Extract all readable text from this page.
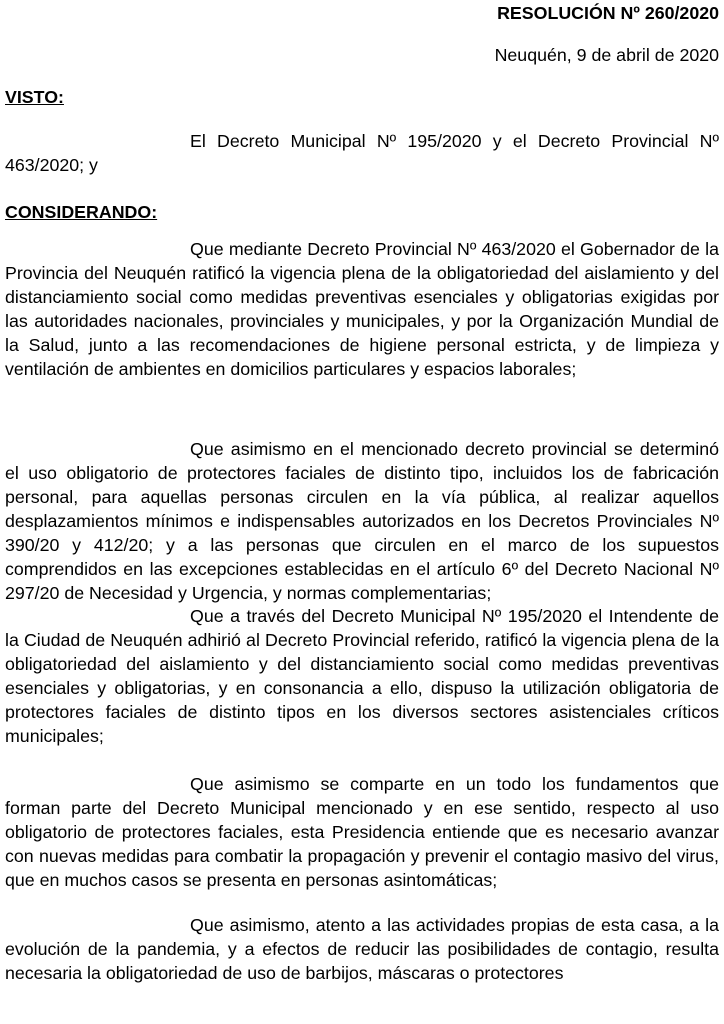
RESOLUCIÓN Nº 260/2020
Neuquén, 9 de abril de 2020
VISTO:

El Decreto Municipal Nº 195/2020 y el Decreto Provincial Nº 463/2020; y

CONSIDERANDO:

Que mediante Decreto Provincial Nº 463/2020 el Gobernador de la Provincia del Neuquén ratificó la vigencia plena de la obligatoriedad del aislamiento y del distanciamiento social como medidas preventivas esenciales y obligatorias exigidas por las autoridades nacionales, provinciales y municipales, y por la Organización Mundial de la Salud, junto a las recomendaciones de higiene personal estricta, y de limpieza y ventilación de ambientes en domicilios particulares y espacios laborales;

Que asimismo en el mencionado decreto provincial se determinó el uso obligatorio de protectores faciales de distinto tipo, incluidos los de fabricación personal, para aquellas personas circulen en la vía pública, al realizar aquellos desplazamientos mínimos e indispensables autorizados en los Decretos Provinciales Nº 390/20 y 412/20; y a las personas que circulen en el marco de los supuestos comprendidos en las excepciones establecidas en el artículo 6º del Decreto Nacional Nº 297/20 de Necesidad y Urgencia, y normas complementarias;

Que a través del Decreto Municipal Nº 195/2020 el Intendente de la Ciudad de Neuquén adhirió al Decreto Provincial referido, ratificó la vigencia plena de la obligatoriedad del aislamiento y del distanciamiento social como medidas preventivas esenciales y obligatorias, y en consonancia a ello, dispuso la utilización obligatoria de protectores faciales de distinto tipos en los diversos sectores asistenciales críticos municipales;

Que asimismo se comparte en un todo los fundamentos que forman parte del Decreto Municipal mencionado y en ese sentido, respecto al uso obligatorio de protectores faciales, esta Presidencia entiende que es necesario avanzar con nuevas medidas para combatir la propagación y prevenir el contagio masivo del virus, que en muchos casos se presenta en personas asintomáticas;

Que asimismo, atento a las actividades propias de esta casa, a la evolución de la pandemia, y a efectos de reducir las posibilidades de contagio, resulta necesaria la obligatoriedad de uso de barbijos, máscaras o protectores
